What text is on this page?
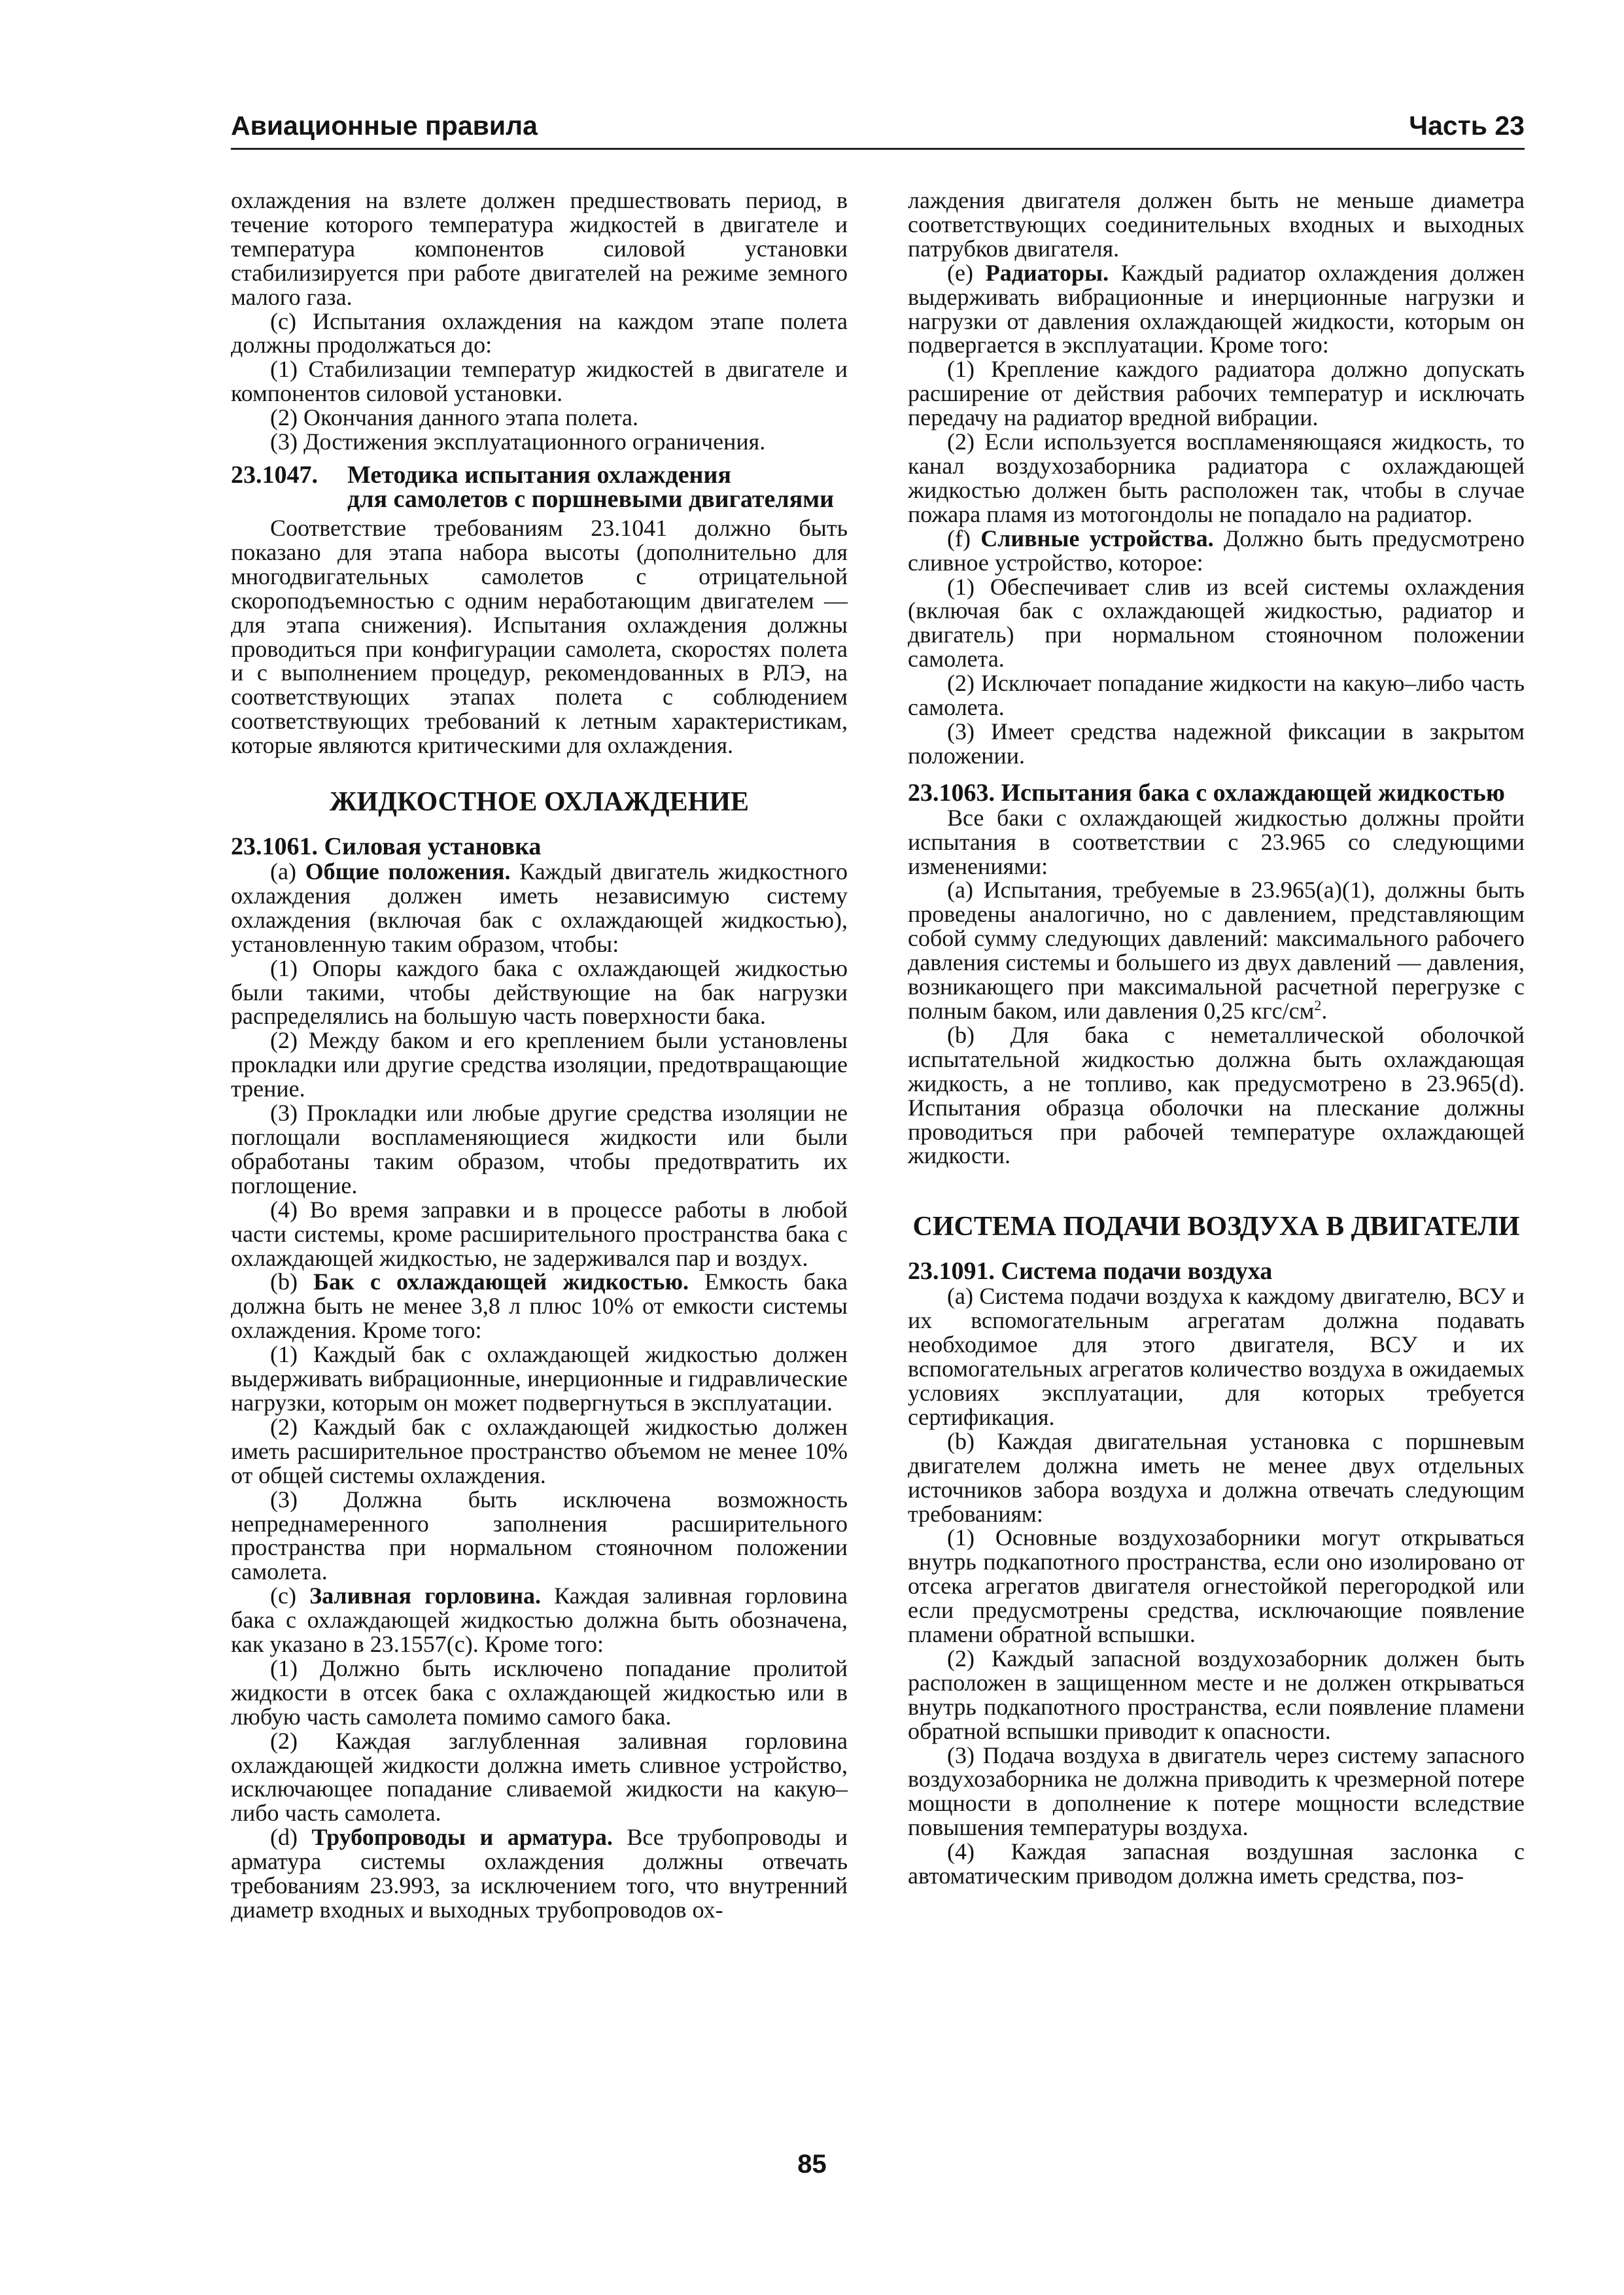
Авиационные правила	Часть 23

охлаждения на взлете должен предшествовать период, в течение которого температура жидкостей в двигателе и температура компонентов силовой установки стабилизируется при работе двигателей на режиме земного малого газа.

(c) Испытания охлаждения на каждом этапе полета должны продолжаться до:

(1) Стабилизации температур жидкостей в двигателе и компонентов силовой установки.

(2) Окончания данного этапа полета.

(3) Достижения эксплуатационного ограничения.

23.1047. Методика испытания охлаждения
для самолетов с поршневыми двигателями

Соответствие требованиям 23.1041 должно быть показано для этапа набора высоты (дополнительно для многодвигательных самолетов с отрицательной скороподъемностью с одним неработающим двигателем — для этапа снижения). Испытания охлаждения должны проводиться при конфигурации самолета, скоростях полета и с выполнением процедур, рекомендованных в РЛЭ, на соответствующих этапах полета с соблюдением соответствующих требований к летным характеристикам, которые являются критическими для охлаждения.

ЖИДКОСТНОЕ ОХЛАЖДЕНИЕ
23.1061. Силовая установка

(a) Общие положения. Каждый двигатель жидкостного охлаждения должен иметь независимую систему охлаждения (включая бак с охлаждающей жидкостью), установленную таким образом, чтобы:

(1) Опоры каждого бака с охлаждающей жидкостью были такими, чтобы действующие на бак нагрузки распределялись на большую часть поверхности бака.

(2) Между баком и его креплением были установлены прокладки или другие средства изоляции, предотвращающие трение.

(3) Прокладки или любые другие средства изоляции не поглощали воспламеняющиеся жидкости или были обработаны таким образом, чтобы предотвратить их поглощение.

(4) Во время заправки и в процессе работы в любой части системы, кроме расширительного пространства бака с охлаждающей жидкостью, не задерживался пар и воздух.

(b) Бак с охлаждающей жидкостью. Емкость бака должна быть не менее 3,8 л плюс 10% от емкости системы охлаждения. Кроме того:

(1) Каждый бак с охлаждающей жидкостью должен выдерживать вибрационные, инерционные и гидравлические нагрузки, которым он может подвергнуться в эксплуатации.

(2) Каждый бак с охлаждающей жидкостью должен иметь расширительное пространство объемом не менее 10% от общей системы охлаждения.

(3) Должна быть исключена возможность непреднамеренного заполнения расширительного пространства при нормальном стояночном положении самолета.

(c) Заливная горловина. Каждая заливная горловина бака с охлаждающей жидкостью должна быть обозначена, как указано в 23.1557(c). Кроме того:

(1) Должно быть исключено попадание пролитой жидкости в отсек бака с охлаждающей жидкостью или в любую часть самолета помимо самого бака.

(2) Каждая заглубленная заливная горловина охлаждающей жидкости должна иметь сливное устройство, исключающее попадание сливаемой жидкости на какую–либо часть самолета.

(d) Трубопроводы и арматура. Все трубопроводы и арматура системы охлаждения должны отвечать требованиям 23.993, за исключением того, что внутренний диаметр входных и выходных трубопроводов ох-

лаждения двигателя должен быть не меньше диаметра соответствующих соединительных входных и выходных патрубков двигателя.

(e) Радиаторы. Каждый радиатор охлаждения должен выдерживать вибрационные и инерционные нагрузки и нагрузки от давления охлаждающей жидкости, которым он подвергается в эксплуатации. Кроме того:

(1) Крепление каждого радиатора должно допускать расширение от действия рабочих температур и исключать передачу на радиатор вредной вибрации.

(2) Если используется воспламеняющаяся жидкость, то канал воздухозаборника радиатора с охлаждающей жидкостью должен быть расположен так, чтобы в случае пожара пламя из мотогондолы не попадало на радиатор.

(f) Сливные устройства. Должно быть предусмотрено сливное устройство, которое:

(1) Обеспечивает слив из всей системы охлаждения (включая бак с охлаждающей жидкостью, радиатор и двигатель) при нормальном стояночном положении самолета.

(2) Исключает попадание жидкости на какую–либо часть самолета.

(3) Имеет средства надежной фиксации в закрытом положении.

23.1063. Испытания бака с охлаждающей жидкостью

Все баки с охлаждающей жидкостью должны пройти испытания в соответствии с 23.965 со следующими изменениями:

(a) Испытания, требуемые в 23.965(a)(1), должны быть проведены аналогично, но с давлением, представляющим собой сумму следующих давлений: максимального рабочего давления системы и большего из двух давлений — давления, возникающего при максимальной расчетной перегрузке с полным баком, или давления 0,25 кгс/$см^2$.

(b) Для бака с неметаллической оболочкой испытательной жидкостью должна быть охлаждающая жидкость, а не топливо, как предусмотрено в 23.965(d). Испытания образца оболочки на плескание должны проводиться при рабочей температуре охлаждающей жидкости.

СИСТЕМА ПОДАЧИ ВОЗДУХА В ДВИГАТЕЛИ
23.1091. Система подачи воздуха

(a) Система подачи воздуха к каждому двигателю, ВСУ и их вспомогательным агрегатам должна подавать необходимое для этого двигателя, ВСУ и их вспомогательных агрегатов количество воздуха в ожидаемых условиях эксплуатации, для которых требуется сертификация.

(b) Каждая двигательная установка с поршневым двигателем должна иметь не менее двух отдельных источников забора воздуха и должна отвечать следующим требованиям:

(1) Основные воздухозаборники могут открываться внутрь подкапотного пространства, если оно изолировано от отсека агрегатов двигателя огнестойкой перегородкой или если предусмотрены средства, исключающие появление пламени обратной вспышки.

(2) Каждый запасной воздухозаборник должен быть расположен в защищенном месте и не должен открываться внутрь подкапотного пространства, если появление пламени обратной вспышки приводит к опасности.

(3) Подача воздуха в двигатель через систему запасного воздухозаборника не должна приводить к чрезмерной потере мощности в дополнение к потере мощности вследствие повышения температуры воздуха.

(4) Каждая запасная воздушная заслонка с автоматическим приводом должна иметь средства, поз-

85
